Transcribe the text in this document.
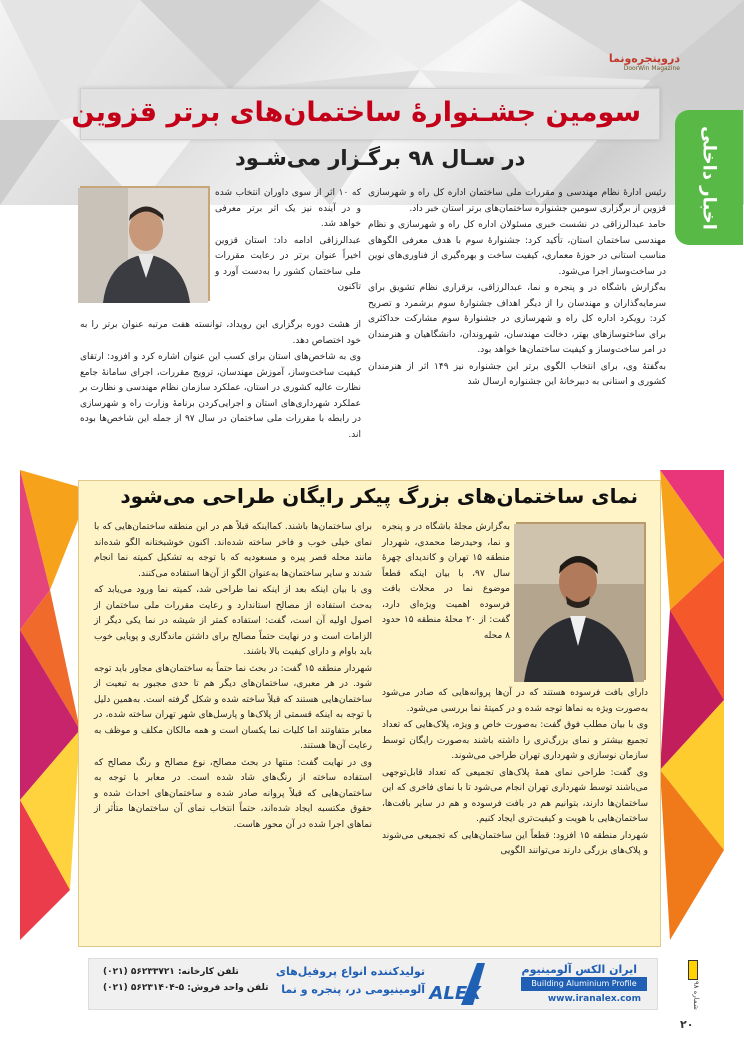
دروپنجره‌ونما
DoorWin Magazine
سومین جشـنوارۀ ساختمان‌های برتر قزوین
در سـال ۹۸ برگـزار می‌شـود	اخبار داخلی

رئیس ادارۀ نظام مهندسی و مقررات ملی ساختمان اداره کل راه و شهرسازی قزوین از برگزاری سومین جشنواره ساختمان‌های برتر استان خبر داد.

حامد عبدالرزاقی در نشست خبری مسئولان اداره کل راه و شهرسازی و نظام مهندسی ساختمان استان، تأکید کرد: جشنوارۀ سوم با هدف معرفی الگوهای مناسب استانی در حوزۀ معماری، کیفیت ساخت و بهره‌گیری از فناوری‌های نوین در ساخت‌وساز اجرا می‌شود.

به‌گزارش باشگاه در و پنجره و نما، عبدالرزاقی، برقراری نظام تشویق برای سرمایه‌گذاران و مهندسان را از دیگر اهداف جشنوارۀ سوم برشمرد و تصریح کرد: رویکرد اداره کل راه و شهرسازی در جشنوارۀ سوم مشارکت حداکثری برای ساختوسازهای بهتر، دخالت مهندسان، شهروندان، دانشگاهیان و هنرمندان در امر ساخت‌وساز و کیفیت ساختمان‌ها خواهد بود.

به‌گفتۀ وی، برای انتخاب الگوی برتر این جشنواره نیز ۱۴۹ اثر از هنرمندان کشوری و استانی به دبیرخانۀ این جشنواره ارسال شد

که ۱۰ اثر از سوی داوران انتخاب شده و در آینده نیز یک اثر برتر معرفی خواهد شد.

عبدالرزاقی ادامه داد: استان قزوین اخیراً عنوان برتر در رعایت مقررات ملی ساختمان کشور را به‌دست آورد و تاکنون

از هشت دوره برگزاری این رویداد، توانسته هفت مرتبه عنوان برتر را به خود اختصاص دهد.

وی به شاخص‌های استان برای کسب این عنوان اشاره کرد و افزود: ارتقای کیفیت ساخت‌وساز، آموزش مهندسان، ترویج مقررات، اجرای سامانۀ جامع نظارت عالیه کشوری در استان، عملکرد سازمان نظام مهندسی و نظارت بر عملکرد شهرداری‌های استان و اجرایی‌کردن برنامۀ وزارت راه و شهرسازی در رابطه با مقررات ملی ساختمان در سال ۹۷ از جمله این شاخص‌ها بوده اند.

نمای ساختمان‌های بزرگ پیکر رایگان طراحی می‌شود

به‌گزارش مجلۀ باشگاه در و پنجره و نما، وحیدرضا محمدی، شهردار منطقه ۱۵ تهران و کاندیدای چهرۀ سال ۹۷، با بیان اینکه قطعاً موضوع نما در محلات بافت فرسوده اهمیت ویژه‌ای دارد، گفت: از ۲۰ محلۀ منطقه ۱۵ حدود ۸ محله

دارای بافت فرسوده هستند که در آن‌ها پروانه‌هایی که صادر می‌شود به‌صورت ویژه به نماها توجه شده و در کمیتۀ نما بررسی می‌شود.

وی با بیان مطلب فوق گفت: به‌صورت خاص و ویژه، پلاک‌هایی که تعداد تجمیع بیشتر و نمای بزرگ‌تری را داشته باشند به‌صورت رایگان توسط سازمان نوسازی و شهرداری تهران طراحی می‌شوند.

وی گفت: طراحی نمای همۀ پلاک‌های تجمیعی که تعداد قابل‌توجهی می‌باشند توسط شهرداری تهران انجام می‌شود تا با نمای فاخری که این ساختمان‌ها دارند، بتوانیم هم در بافت فرسوده و هم در سایر بافت‌ها، ساختمان‌هایی با هویت و کیفیت‌تری ایجاد کنیم.

شهردار منطقه ۱۵ افزود: قطعاً این ساختمان‌هایی که تجمیعی می‌شوند و پلاک‌های بزرگی دارند می‌توانند الگویی

برای ساختمان‌ها باشند. کمااینکه قبلاً هم در این منطقه ساختمان‌هایی که با نمای خیلی خوب و فاخر ساخته شده‌اند. اکنون خوشبختانه الگو شده‌اند مانند محله قصر پیره و مسعودیه که با توجه به تشکیل کمیته نما انجام شدند و سایر ساختمان‌ها به‌عنوان الگو از آن‌ها استفاده می‌کنند.

وی با بیان اینکه بعد از اینکه نما طراحی شد، کمیته نما ورود می‌یابد که به‌حث استفاده از مصالح استاندارد و رعایت مقررات ملی ساختمان از اصول اولیه آن است، گفت: استفاده کمتر از شیشه در نما یکی دیگر از الزامات است و در نهایت حتماً مصالح برای داشتن ماندگاری و پویایی خوب باید باوام و دارای کیفیت بالا باشند.

شهردار منطقه ۱۵ گفت: در بحث نما حتماً به ساختمان‌های مجاور باید توجه شود. در هر معبری، ساختمان‌های دیگر هم تا حدی مجبور به تبعیت از ساختمان‌هایی هستند که قبلاً ساخته شده و شکل گرفته است. به‌همین دلیل با توجه به اینکه قسمتی از پلاک‌ها و پارسل‌های شهر تهران ساخته شده، در معابر متفاوتند اما کلیات نما یکسان است و همه مالکان مکلف و موظف به رعایت آن‌ها هستند.

وی در نهایت گفت: منتها در بحث مصالح، نوع مصالح و رنگ مصالح که استفاده ساخته از رنگ‌های شاد شده است. در معابر با توجه به ساختمان‌هایی که قبلاً پروانه صادر شده و ساختمان‌های احداث شده و حقوق مکتسبه ایجاد شده‌اند، حتماً انتخاب نمای آن ساختمان‌ها متأثر از نماهای اجرا شده در آن محور هاست.

ایران الکس آلومینیوم
Building Aluminium Profile
www.iranalex.com
ALEX
تولیدکننده انواع پروفیل‌های
آلومینیومی در، پنجره و نما
تلفن کارخانه: ۵۶۲۳۳۷۲۱ (۰۲۱)
تلفن واحد فروش: ۵-۵۶۲۳۱۴۰۴ (۰۲۱)	شماره ۹۸
۲۰
